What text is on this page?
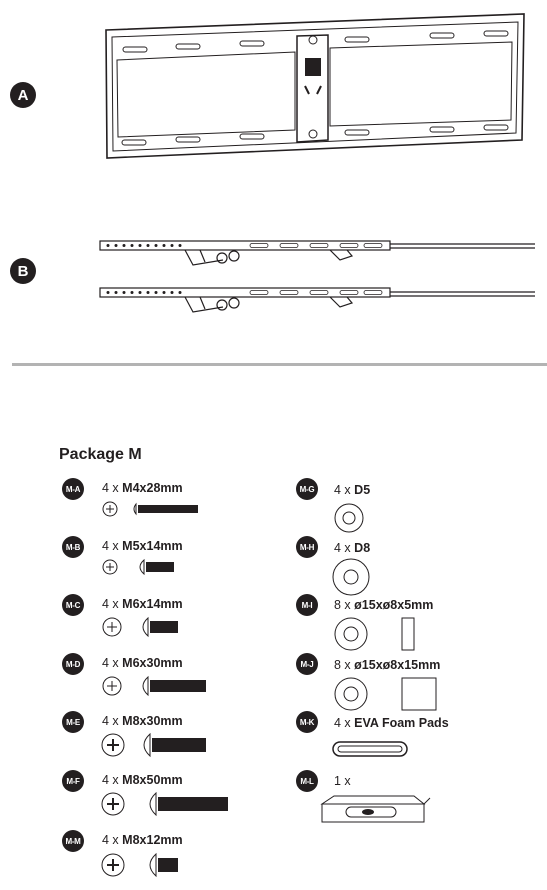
A
B
Package M
M-A	4 x M4x28mm
M-B	4 x M5x14mm
M-C	4 x M6x14mm
M-D	4 x M6x30mm
M-E	4 x M8x30mm
M-F	4 x M8x50mm
M-M 4 x M8x12mm
M-G 4 x D5
M-H	4 x D8
M-I	8 x ø15xø8x5mm
M-J	8 x ø15xø8x15mm
M-K	4 x EVA Foam Pads
M-L	1 x
